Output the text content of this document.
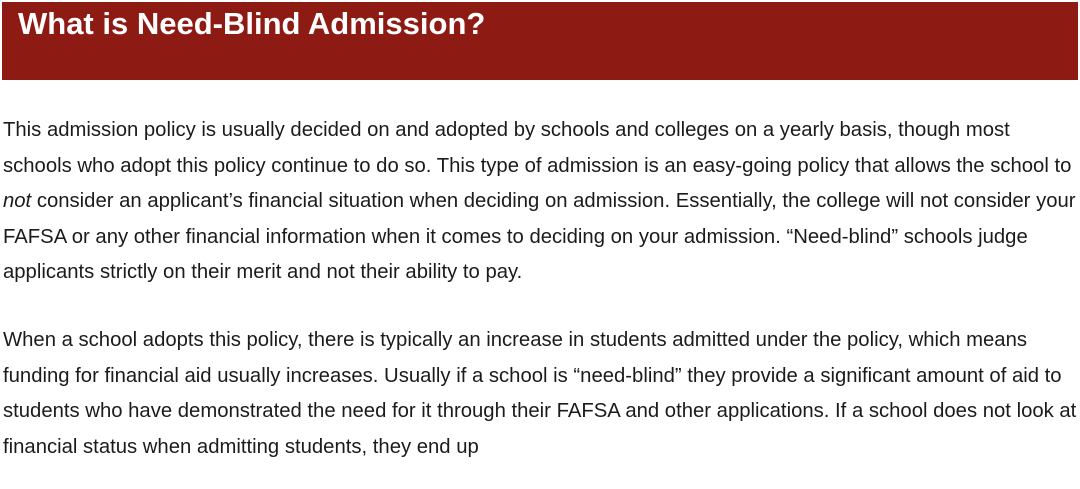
What is Need-Blind Admission?

This admission policy is usually decided on and adopted by schools and colleges on a yearly basis, though most schools who adopt this policy continue to do so. This type of admission is an easy-going policy that allows the school to not consider an applicant’s financial situation when deciding on admission. Essentially, the college will not consider your FAFSA or any other financial information when it comes to deciding on your admission. “Need-blind” schools judge applicants strictly on their merit and not their ability to pay.

When a school adopts this policy, there is typically an increase in students admitted under the policy, which means funding for financial aid usually increases. Usually if a school is “need-blind” they provide a significant amount of aid to students who have demonstrated the need for it through their FAFSA and other applications. If a school does not look at financial status when admitting students, they end up
